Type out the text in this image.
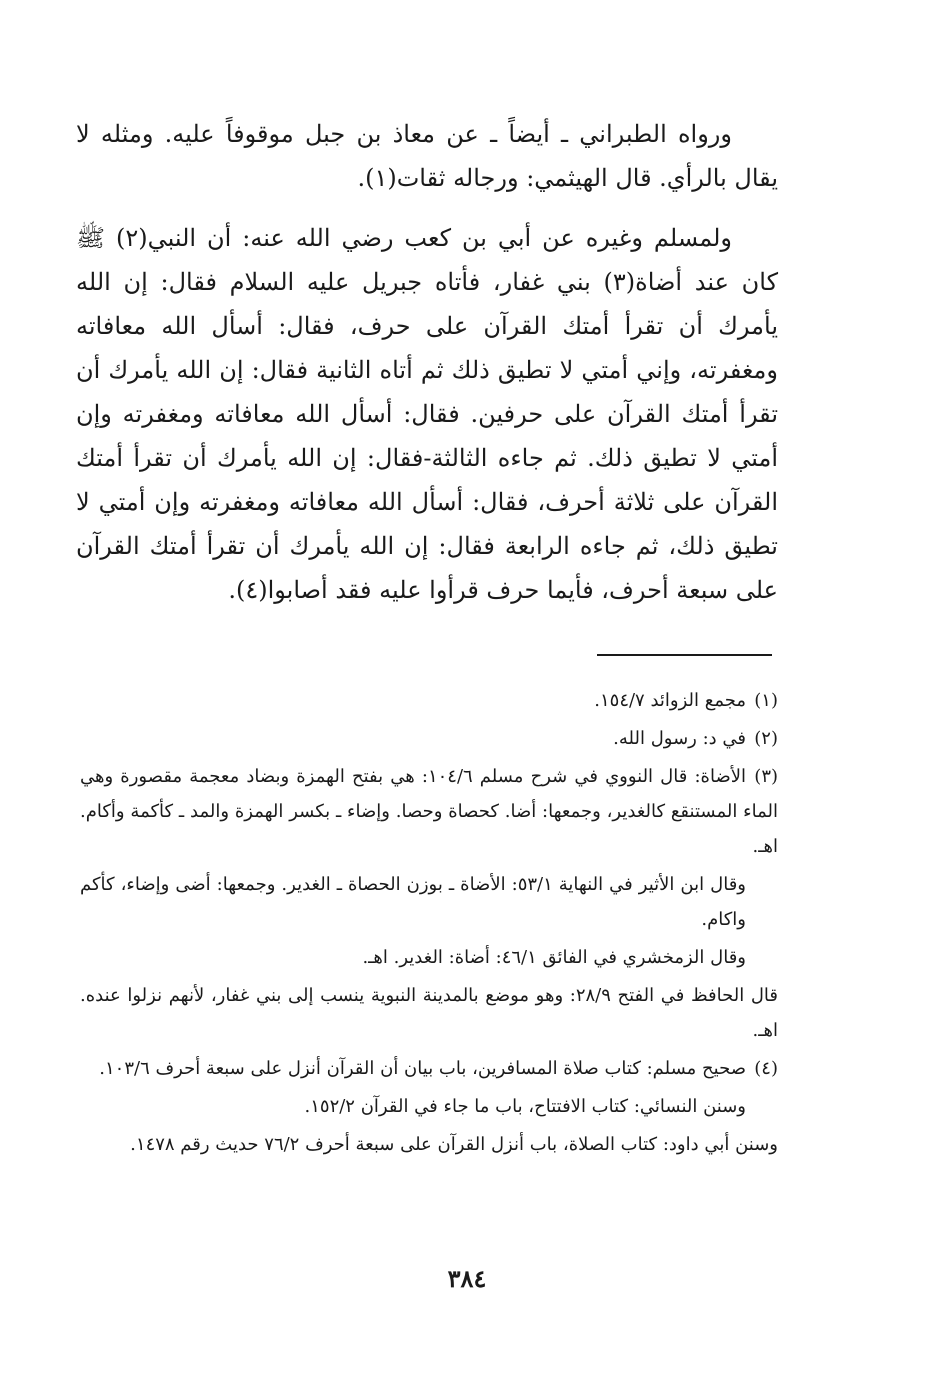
ورواه الطبراني ـ أيضاً ـ عن معاذ بن جبل موقوفاً عليه. ومثله لا يقال بالرأي. قال الهيثمي: ورجاله ثقات(١).

ولمسلم وغيره عن أبي بن كعب رضي الله عنه: أن النبي(٢) ﷺ كان عند أضاة(٣) بني غفار، فأتاه جبريل عليه السلام فقال: إن الله يأمرك أن تقرأ أمتك القرآن على حرف، فقال: أسأل الله معافاته ومغفرته، وإني أمتي لا تطيق ذلك ثم أتاه الثانية فقال: إن الله يأمرك أن تقرأ أمتك القرآن على حرفين. فقال: أسأل الله معافاته ومغفرته وإن أمتي لا تطيق ذلك. ثم جاءه الثالثة-فقال: إن الله يأمرك أن تقرأ أمتك القرآن على ثلاثة أحرف، فقال: أسأل الله معافاته ومغفرته وإن أمتي لا تطيق ذلك، ثم جاءه الرابعة فقال: إن الله يأمرك أن تقرأ أمتك القرآن على سبعة أحرف، فأيما حرف قرأوا عليه فقد أصابوا(٤).

(١)مجمع الزوائد ١٥٤/٧.
(٢)في د: رسول الله.
(٣)الأضاة: قال النووي في شرح مسلم ١٠٤/٦: هي بفتح الهمزة وبضاد معجمة مقصورة وهي الماء المستنقع كالغدير، وجمعها: أضا. كحصاة وحصا. وإضاء ـ بكسر الهمزة والمد ـ كأكمة وأكام. اهـ.
وقال ابن الأثير في النهاية ٥٣/١: الأضاة ـ بوزن الحصاة ـ الغدير. وجمعها: أضى وإضاء، كأكم واكام.
وقال الزمخشري في الفائق ٤٦/١: أضاة: الغدير. اهـ.
قال الحافظ في الفتح ٢٨/٩: وهو موضع بالمدينة النبوية ينسب إلى بني غفار، لأنهم نزلوا عنده. اهـ.
(٤)صحيح مسلم: كتاب صلاة المسافرين، باب بيان أن القرآن أنزل على سبعة أحرف ١٠٣/٦.
وسنن النسائي: كتاب الافتتاح، باب ما جاء في القرآن ١٥٢/٢.
وسنن أبي داود: كتاب الصلاة، باب أنزل القرآن على سبعة أحرف ٧٦/٢ حديث رقم ١٤٧٨.
٣٨٤
